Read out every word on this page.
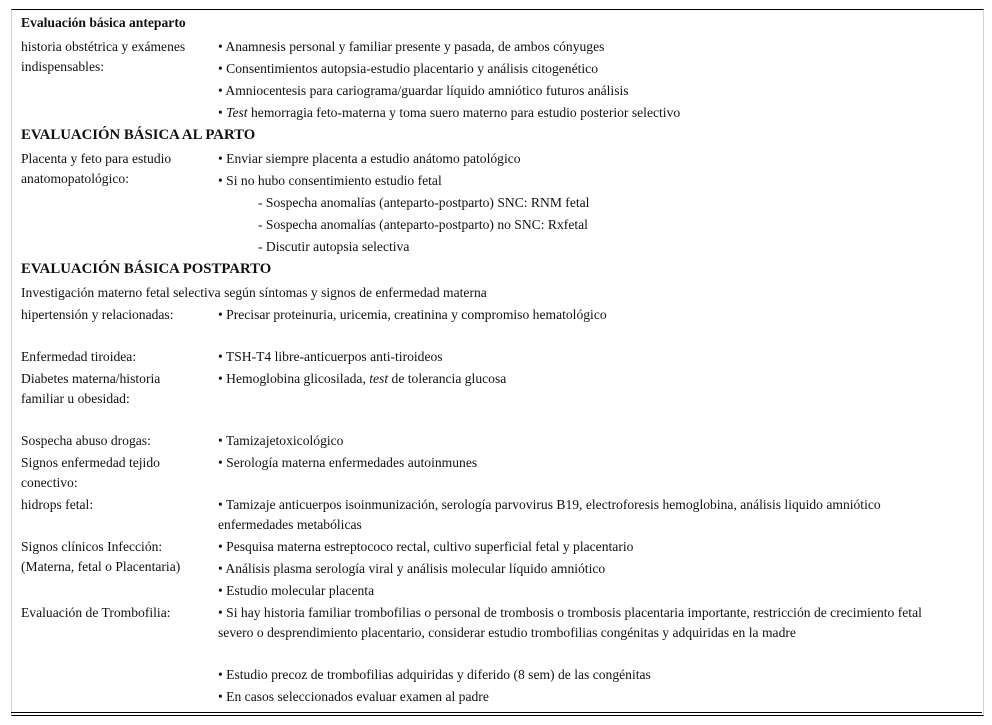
Evaluación básica anteparto
historia obstétrica y exámenes indispensables:
• Anamnesis personal y familiar presente y pasada, de ambos cónyuges
• Consentimientos autopsia-estudio placentario y análisis citogenético
• Amniocentesis para cariograma/guardar líquido amniótico futuros análisis
• Test hemorragia feto-materna y toma suero materno para estudio posterior selectivo
EVALUACIÓN BÁSICA AL PARTO
Placenta y feto para estudio anatomopatológico:
• Enviar siempre placenta a estudio anátomo patológico
• Si no hubo consentimiento estudio fetal
- Sospecha anomalías (anteparto-postparto) SNC: RNM fetal
- Sospecha anomalías (anteparto-postparto) no SNC: Rxfetal
- Discutir autopsia selectiva
EVALUACIÓN BÁSICA POSTPARTO
Investigación materno fetal selectiva según síntomas y signos de enfermedad materna
hipertensión y relacionadas:	• Precisar proteinuria, uricemia, creatinina y compromiso hematológico
Enfermedad tiroidea:	• TSH-T4 libre-anticuerpos anti-tiroideos
Diabetes materna/historia familiar u obesidad:
• Hemoglobina glicosilada, test de tolerancia glucosa
Sospecha abuso drogas:	• Tamizajetoxicológico
Signos enfermedad tejido conectivo:
• Serología materna enfermedades autoinmunes
hidrops fetal:	• Tamizaje anticuerpos isoinmunización, serología parvovirus B19, electroforesis hemoglobina, análisis liquido amniótico enfermedades metabólicas
Signos clínicos Infección: (Materna, fetal o Placentaria)
• Pesquisa materna estreptococo rectal, cultivo superficial fetal y placentario
• Análisis plasma serología viral y análisis molecular líquido amniótico
• Estudio molecular placenta
Evaluación de Trombofilia:	• Si hay historia familiar trombofilias o personal de trombosis o trombosis placentaria importante, restricción de crecimiento fetal severo o desprendimiento placentario, considerar estudio trombofilias congénitas y adquiridas en la madre
• Estudio precoz de trombofilias adquiridas y diferido (8 sem) de las congénitas
• En casos seleccionados evaluar examen al padre
